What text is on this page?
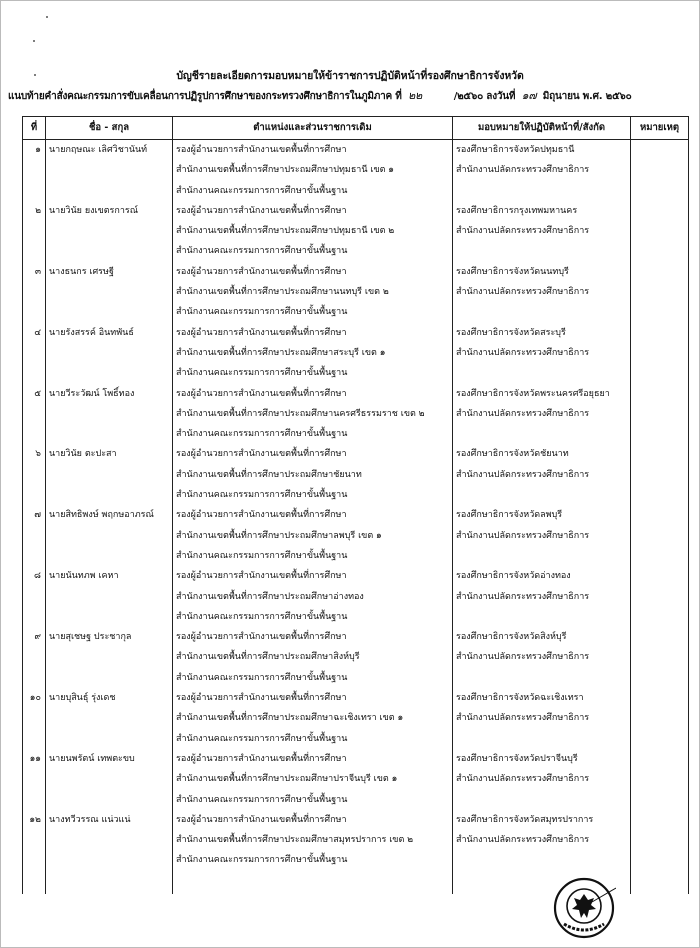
บัญชีรายละเอียดการมอบหมายให้ข้าราชการปฏิบัติหน้าที่รองศึกษาธิการจังหวัด
แนบท้ายคำสั่งคณะกรรมการขับเคลื่อนการปฏิรูปการศึกษาของกระทรวงศึกษาธิการในภูมิภาค ที่ ๒๒	/๒๕๖๐ ลงวันที่ ๑๗ มิถุนายน พ.ศ. ๒๕๖๐
ที่	ชื่อ - สกุล	ตำแหน่งและส่วนราชการเดิม	มอบหมายให้ปฏิบัติหน้าที่/สังกัด	หมายเหตุ
๑	นายกฤษณะ เลิศวิชานันท์	รองผู้อำนวยการสำนักงานเขตพื้นที่การศึกษา
สำนักงานเขตพื้นที่การศึกษาประถมศึกษาปทุมธานี เขต ๑
สำนักงานคณะกรรมการการศึกษาขั้นพื้นฐาน	รองศึกษาธิการจังหวัดปทุมธานี
สำนักงานปลัดกระทรวงศึกษาธิการ	

๒	นายวินัย ยงเขตรการณ์	รองผู้อำนวยการสำนักงานเขตพื้นที่การศึกษา
สำนักงานเขตพื้นที่การศึกษาประถมศึกษาปทุมธานี เขต ๒
สำนักงานคณะกรรมการการศึกษาขั้นพื้นฐาน	รองศึกษาธิการกรุงเทพมหานคร
สำนักงานปลัดกระทรวงศึกษาธิการ	

๓	นางธนกร เศรษฐี	รองผู้อำนวยการสำนักงานเขตพื้นที่การศึกษา
สำนักงานเขตพื้นที่การศึกษาประถมศึกษานนทบุรี เขต ๒
สำนักงานคณะกรรมการการศึกษาขั้นพื้นฐาน	รองศึกษาธิการจังหวัดนนทบุรี
สำนักงานปลัดกระทรวงศึกษาธิการ	

๔	นายรังสรรค์ อินทพันธ์	รองผู้อำนวยการสำนักงานเขตพื้นที่การศึกษา
สำนักงานเขตพื้นที่การศึกษาประถมศึกษาสระบุรี เขต ๑
สำนักงานคณะกรรมการการศึกษาขั้นพื้นฐาน	รองศึกษาธิการจังหวัดสระบุรี
สำนักงานปลัดกระทรวงศึกษาธิการ	

๕	นายวีระวัฒน์ โพธิ์ทอง	รองผู้อำนวยการสำนักงานเขตพื้นที่การศึกษา
สำนักงานเขตพื้นที่การศึกษาประถมศึกษานครศรีธรรมราช เขต ๒
สำนักงานคณะกรรมการการศึกษาขั้นพื้นฐาน	รองศึกษาธิการจังหวัดพระนครศรีอยุธยา
สำนักงานปลัดกระทรวงศึกษาธิการ	

๖	นายวินัย ตะปะสา	รองผู้อำนวยการสำนักงานเขตพื้นที่การศึกษา
สำนักงานเขตพื้นที่การศึกษาประถมศึกษาชัยนาท
สำนักงานคณะกรรมการการศึกษาขั้นพื้นฐาน	รองศึกษาธิการจังหวัดชัยนาท
สำนักงานปลัดกระทรวงศึกษาธิการ	

๗	นายสิทธิพงษ์ พฤกษอาภรณ์	รองผู้อำนวยการสำนักงานเขตพื้นที่การศึกษา
สำนักงานเขตพื้นที่การศึกษาประถมศึกษาลพบุรี เขต ๑
สำนักงานคณะกรรมการการศึกษาขั้นพื้นฐาน	รองศึกษาธิการจังหวัดลพบุรี
สำนักงานปลัดกระทรวงศึกษาธิการ	

๘	นายนันทภพ เคหา	รองผู้อำนวยการสำนักงานเขตพื้นที่การศึกษา
สำนักงานเขตพื้นที่การศึกษาประถมศึกษาอ่างทอง
สำนักงานคณะกรรมการการศึกษาขั้นพื้นฐาน	รองศึกษาธิการจังหวัดอ่างทอง
สำนักงานปลัดกระทรวงศึกษาธิการ	

๙	นายสุเชษฐ ประชากุล	รองผู้อำนวยการสำนักงานเขตพื้นที่การศึกษา
สำนักงานเขตพื้นที่การศึกษาประถมศึกษาสิงห์บุรี
สำนักงานคณะกรรมการการศึกษาขั้นพื้นฐาน	รองศึกษาธิการจังหวัดสิงห์บุรี
สำนักงานปลัดกระทรวงศึกษาธิการ	

๑๐	นายบุสินธุ์ รุ่งเดช	รองผู้อำนวยการสำนักงานเขตพื้นที่การศึกษา
สำนักงานเขตพื้นที่การศึกษาประถมศึกษาฉะเชิงเทรา เขต ๑
สำนักงานคณะกรรมการการศึกษาขั้นพื้นฐาน	รองศึกษาธิการจังหวัดฉะเชิงเทรา
สำนักงานปลัดกระทรวงศึกษาธิการ	

๑๑	นายนพรัตน์ เทพตะขบ	รองผู้อำนวยการสำนักงานเขตพื้นที่การศึกษา
สำนักงานเขตพื้นที่การศึกษาประถมศึกษาปราจีนบุรี เขต ๑
สำนักงานคณะกรรมการการศึกษาขั้นพื้นฐาน	รองศึกษาธิการจังหวัดปราจีนบุรี
สำนักงานปลัดกระทรวงศึกษาธิการ	

๑๒	นางทวีวรรณ แน่วแน่	รองผู้อำนวยการสำนักงานเขตพื้นที่การศึกษา
สำนักงานเขตพื้นที่การศึกษาประถมศึกษาสมุทรปราการ เขต ๒
สำนักงานคณะกรรมการการศึกษาขั้นพื้นฐาน	รองศึกษาธิการจังหวัดสมุทรปราการ
สำนักงานปลัดกระทรวงศึกษาธิการ	
